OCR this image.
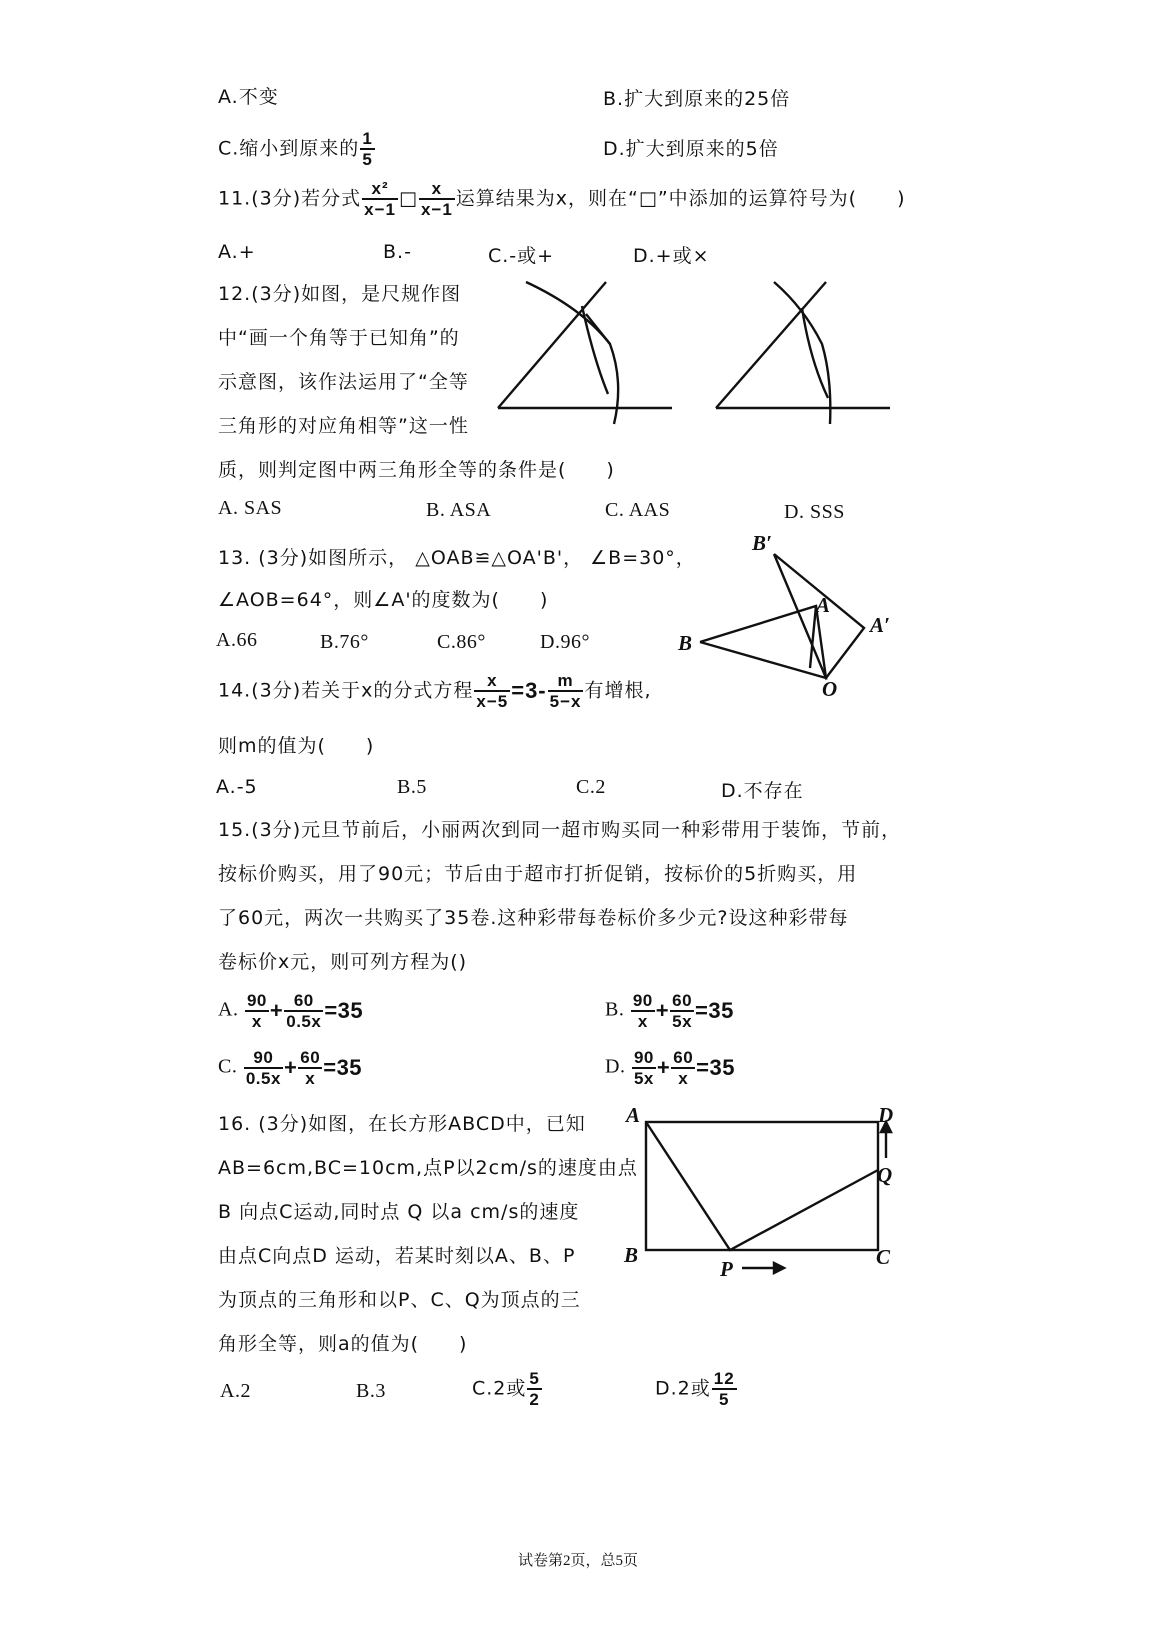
A.不变	B.扩大到原来的25倍
C.缩小到原来的 $\frac{1}{5}$	D.扩大到原来的5倍
11.(3分)若分式 $\frac{\text{x²}}{x-1}$ □ $\frac{x}{x-1}$ 运算结果为x，则在“□”中添加的运算符号为(　　)
A.+	B.-	C.-或+	D.+或×
12.(3分)如图，是尺规作图
中“画一个角等于已知角”的
示意图，该作法运用了“全等
三角形的对应角相等”这一性
质，则判定图中两三角形全等的条件是(　　)
A. SAS	B. ASA	C. AAS	D. SSS
13. (3分)如图所示， △OAB≌△OA'B'， ∠B=30°，
∠AOB=64°，则∠A'的度数为(　　)
A.66	B.76°	C.86°	D.96°
B′
A
A′
B
O
14.(3分)若关于x的分式方程 $\frac{x}{x-5} =3- \frac{m}{5-x}$ 有增根,
则m的值为(　　)
A.-5	B.5	C.2	D.不存在
15.(3分)元旦节前后，小丽两次到同一超市购买同一种彩带用于装饰，节前，
按标价购买，用了90元；节后由于超市打折促销，按标价的5折购买，用
了60元，两次一共购买了35卷.这种彩带每卷标价多少元?设这种彩带每
卷标价x元，则可列方程为()
A. $\frac{90}{x} + \frac{60}{0.5x} =35$	B. $\frac{90}{x} + \frac{60}{5x} =35$
C. $\frac{90}{0.5x} + \frac{60}{x} =35$	D. $\frac{90}{5x} + \frac{60}{x} =35$
16. (3分)如图，在长方形ABCD中，已知
AB=6cm,BC=10cm,点P以2cm/s的速度由点
B 向点C运动,同时点 Q 以a cm/s的速度
由点C向点D 运动，若某时刻以A、B、P
为顶点的三角形和以P、C、Q为顶点的三
角形全等，则a的值为(　　)
A	D
Q
B
P	C
A.2	B.3	C.2或 $\frac{5}{2}$	D.2或 $\frac{12}{5}$
试卷第2页，总5页
